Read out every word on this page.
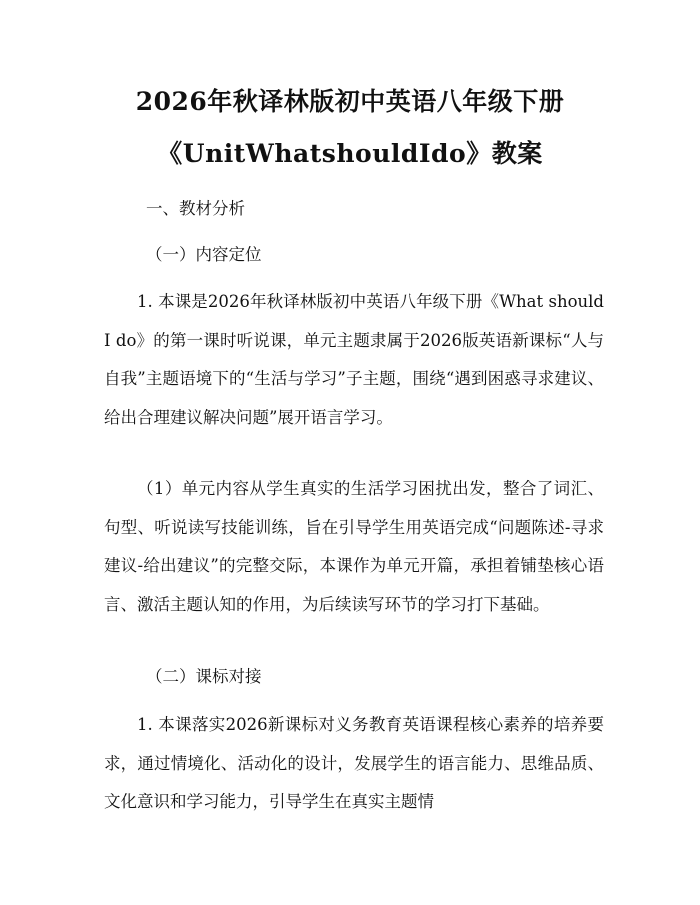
2026年秋译林版初中英语八年级下册
《UnitWhatshouldIdo》教案
一、教材分析
（一）内容定位

1. 本课是2026年秋译林版初中英语八年级下册《What should I do》的第一课时听说课，单元主题隶属于2026版英语新课标“人与自我”主题语境下的“生活与学习”子主题，围绕“遇到困惑寻求建议、给出合理建议解决问题”展开语言学习。

（1）单元内容从学生真实的生活学习困扰出发，整合了词汇、句型、听说读写技能训练，旨在引导学生用英语完成“问题陈述-寻求建议-给出建议”的完整交际，本课作为单元开篇，承担着铺垫核心语言、激活主题认知的作用，为后续读写环节的学习打下基础。

（二）课标对接

1. 本课落实2026新课标对义务教育英语课程核心素养的培养要求，通过情境化、活动化的设计，发展学生的语言能力、思维品质、文化意识和学习能力，引导学生在真实主题情
